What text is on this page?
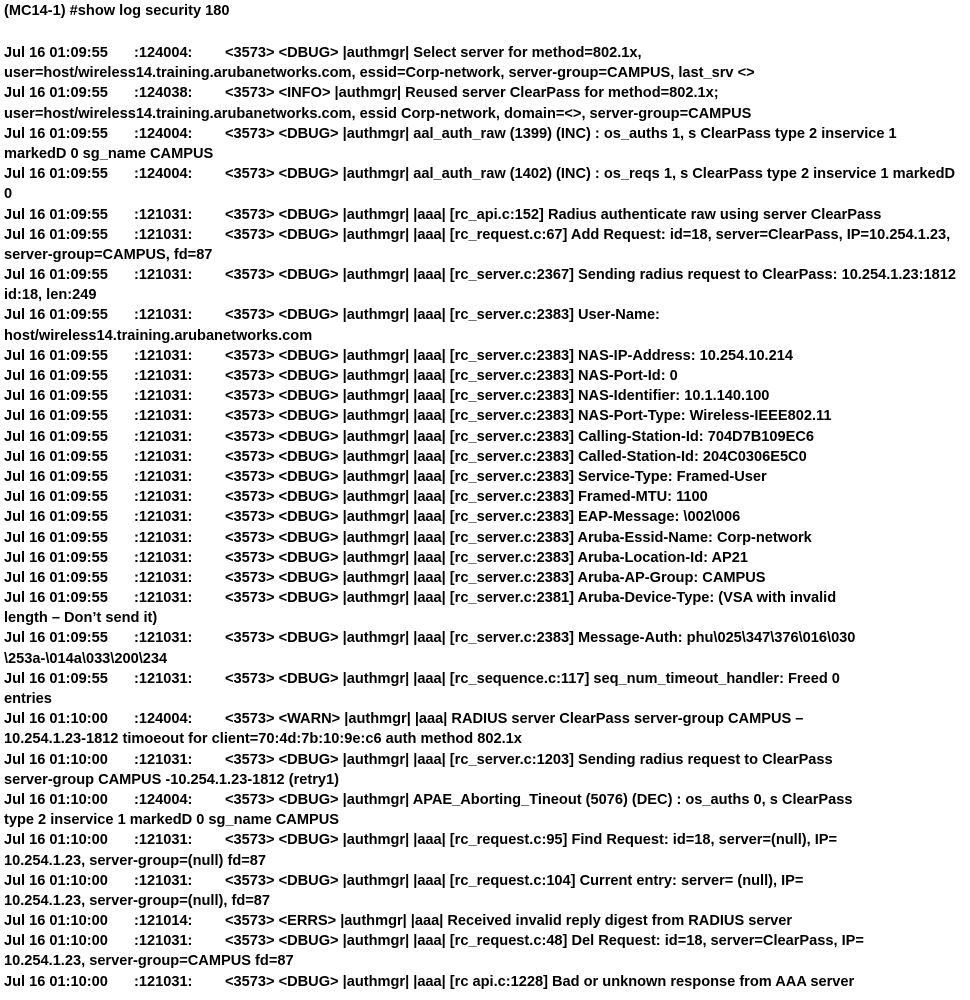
(MC14-1) #show log security 180
Jul 16 01:09:55 :124004: <3573> <DBUG> |authmgr| Select server for method=802.1x,
user=host/wireless14.training.arubanetworks.com, essid=Corp-network, server-group=CAMPUS, last_srv <>
Jul 16 01:09:55 :124038: <3573> <INFO> |authmgr| Reused server ClearPass for method=802.1x;
user=host/wireless14.training.arubanetworks.com, essid Corp-network, domain=<>, server-group=CAMPUS
Jul 16 01:09:55 :124004: <3573> <DBUG> |authmgr| aal_auth_raw (1399) (INC) : os_auths 1, s ClearPass type 2 inservice 1
markedD 0 sg_name CAMPUS
Jul 16 01:09:55 :124004: <3573> <DBUG> |authmgr| aal_auth_raw (1402) (INC) : os_reqs 1, s ClearPass type 2 inservice 1 markedD
0
Jul 16 01:09:55 :121031: <3573> <DBUG> |authmgr| |aaa| [rc_api.c:152] Radius authenticate raw using server ClearPass
Jul 16 01:09:55 :121031: <3573> <DBUG> |authmgr| |aaa| [rc_request.c:67] Add Request: id=18, server=ClearPass, IP=10.254.1.23,
server-group=CAMPUS, fd=87
Jul 16 01:09:55 :121031: <3573> <DBUG> |authmgr| |aaa| [rc_server.c:2367] Sending radius request to ClearPass: 10.254.1.23:1812
id:18, len:249
Jul 16 01:09:55 :121031: <3573> <DBUG> |authmgr| |aaa| [rc_server.c:2383] User-Name:
host/wireless14.training.arubanetworks.com
Jul 16 01:09:55 :121031: <3573> <DBUG> |authmgr| |aaa| [rc_server.c:2383] NAS-IP-Address: 10.254.10.214
Jul 16 01:09:55 :121031: <3573> <DBUG> |authmgr| |aaa| [rc_server.c:2383] NAS-Port-Id: 0
Jul 16 01:09:55 :121031: <3573> <DBUG> |authmgr| |aaa| [rc_server.c:2383] NAS-Identifier: 10.1.140.100
Jul 16 01:09:55 :121031: <3573> <DBUG> |authmgr| |aaa| [rc_server.c:2383] NAS-Port-Type: Wireless-IEEE802.11
Jul 16 01:09:55 :121031: <3573> <DBUG> |authmgr| |aaa| [rc_server.c:2383] Calling-Station-Id: 704D7B109EC6
Jul 16 01:09:55 :121031: <3573> <DBUG> |authmgr| |aaa| [rc_server.c:2383] Called-Station-Id: 204C0306E5C0
Jul 16 01:09:55 :121031: <3573> <DBUG> |authmgr| |aaa| [rc_server.c:2383] Service-Type: Framed-User
Jul 16 01:09:55 :121031: <3573> <DBUG> |authmgr| |aaa| [rc_server.c:2383] Framed-MTU: 1100
Jul 16 01:09:55 :121031: <3573> <DBUG> |authmgr| |aaa| [rc_server.c:2383] EAP-Message: \002\006
Jul 16 01:09:55 :121031: <3573> <DBUG> |authmgr| |aaa| [rc_server.c:2383] Aruba-Essid-Name: Corp-network
Jul 16 01:09:55 :121031: <3573> <DBUG> |authmgr| |aaa| [rc_server.c:2383] Aruba-Location-Id: AP21
Jul 16 01:09:55 :121031: <3573> <DBUG> |authmgr| |aaa| [rc_server.c:2383] Aruba-AP-Group: CAMPUS
Jul 16 01:09:55 :121031: <3573> <DBUG> |authmgr| |aaa| [rc_server.c:2381] Aruba-Device-Type: (VSA with invalid
length – Don’t send it)
Jul 16 01:09:55 :121031: <3573> <DBUG> |authmgr| |aaa| [rc_server.c:2383] Message-Auth: phu\025\347\376\016\030
\253a-\014a\033\200\234
Jul 16 01:09:55 :121031: <3573> <DBUG> |authmgr| |aaa| [rc_sequence.c:117] seq_num_timeout_handler: Freed 0
entries
Jul 16 01:10:00 :124004: <3573> <WARN> |authmgr| |aaa| RADIUS server ClearPass server-group CAMPUS –
10.254.1.23-1812 timoeout for client=70:4d:7b:10:9e:c6 auth method 802.1x
Jul 16 01:10:00 :121031: <3573> <DBUG> |authmgr| |aaa| [rc_server.c:1203] Sending radius request to ClearPass
server-group CAMPUS -10.254.1.23-1812 (retry1)
Jul 16 01:10:00 :124004: <3573> <DBUG> |authmgr| APAE_Aborting_Tineout (5076) (DEC) : os_auths 0, s ClearPass
type 2 inservice 1 markedD 0 sg_name CAMPUS
Jul 16 01:10:00 :121031: <3573> <DBUG> |authmgr| |aaa| [rc_request.c:95] Find Request: id=18, server=(null), IP=
10.254.1.23, server-group=(null) fd=87
Jul 16 01:10:00 :121031: <3573> <DBUG> |authmgr| |aaa| [rc_request.c:104] Current entry: server= (null), IP=
10.254.1.23, server-group=(null), fd=87
Jul 16 01:10:00 :121014: <3573> <ERRS> |authmgr| |aaa| Received invalid reply digest from RADIUS server
Jul 16 01:10:00 :121031: <3573> <DBUG> |authmgr| |aaa| [rc_request.c:48] Del Request: id=18, server=ClearPass, IP=
10.254.1.23, server-group=CAMPUS fd=87
Jul 16 01:10:00 :121031: <3573> <DBUG> |authmgr| |aaa| [rc api.c:1228] Bad or unknown response from AAA server
